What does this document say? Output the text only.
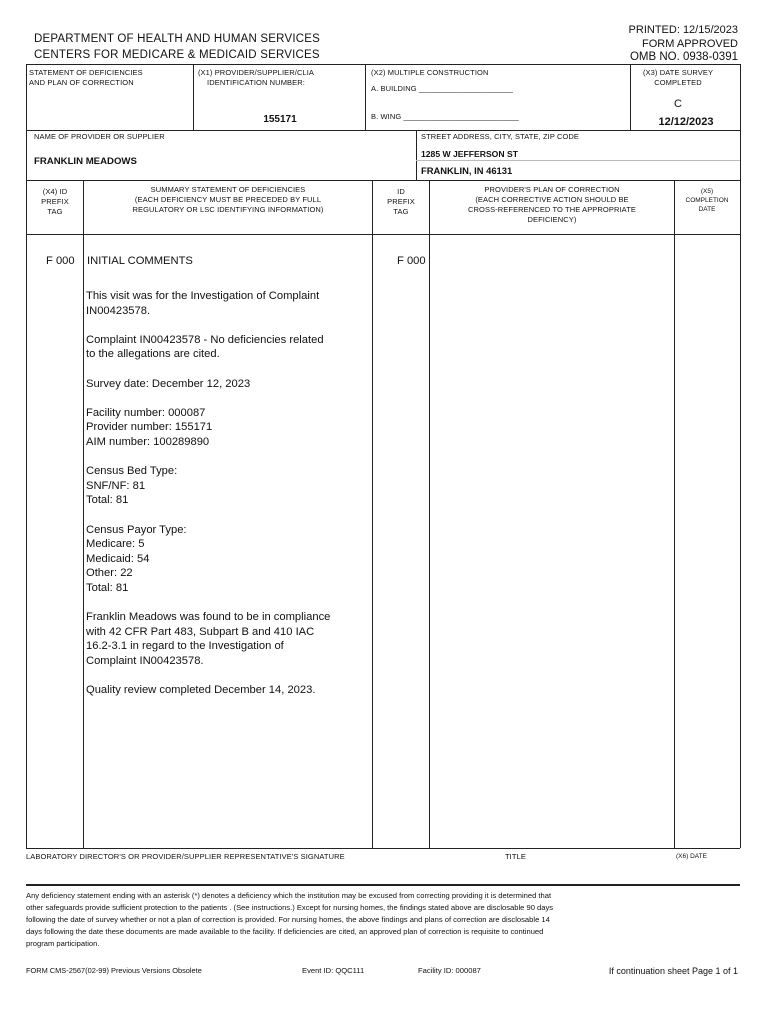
DEPARTMENT OF HEALTH AND HUMAN SERVICES
CENTERS FOR MEDICARE & MEDICAID SERVICES
PRINTED: 12/15/2023
FORM APPROVED
OMB NO. 0938-0391
STATEMENT OF DEFICIENCIES
AND PLAN OF CORRECTION
(X1) PROVIDER/SUPPLIER/CLIA
IDENTIFICATION NUMBER:
155171
(X2) MULTIPLE CONSTRUCTION
A. BUILDING ______________________
B. WING ___________________________
(X3) DATE SURVEY
COMPLETED
C
12/12/2023
NAME OF PROVIDER OR SUPPLIER
FRANKLIN MEADOWS
STREET ADDRESS, CITY, STATE, ZIP CODE
1285 W JEFFERSON ST
FRANKLIN, IN 46131
(X4) ID
PREFIX
TAG
SUMMARY STATEMENT OF DEFICIENCIES
(EACH DEFICIENCY MUST BE PRECEDED BY FULL
REGULATORY OR LSC IDENTIFYING INFORMATION)
ID
PREFIX
TAG
PROVIDER'S PLAN OF CORRECTION
(EACH CORRECTIVE ACTION SHOULD BE
CROSS-REFERENCED TO THE APPROPRIATE
DEFICIENCY)
(X5)
COMPLETION
DATE
F 000 INITIAL COMMENTS	F 000

This visit was for the Investigation of Complaint
IN00423578.

Complaint IN00423578 - No deficiencies related
to the allegations are cited.

Survey date: December 12, 2023

Facility number: 000087
Provider number: 155171
AIM number: 100289890

Census Bed Type:
SNF/NF: 81
Total: 81

Census Payor Type:
Medicare: 5
Medicaid: 54
Other: 22
Total: 81

Franklin Meadows was found to be in compliance
with 42 CFR Part 483, Subpart B and 410 IAC
16.2-3.1 in regard to the Investigation of
Complaint IN00423578.

Quality review completed December 14, 2023.

LABORATORY DIRECTOR'S OR PROVIDER/SUPPLIER REPRESENTATIVE'S SIGNATURE	TITLE	(X6) DATE
Any deficiency statement ending with an asterisk (*) denotes a deficiency which the institution may be excused from correcting providing it is determined that
other safeguards provide sufficient protection to the patients . (See instructions.) Except for nursing homes, the findings stated above are disclosable 90 days
following the date of survey whether or not a plan of correction is provided. For nursing homes, the above findings and plans of correction are disclosable 14
days following the date these documents are made available to the facility. If deficiencies are cited, an approved plan of correction is requisite to continued
program participation.
FORM CMS-2567(02-99) Previous Versions Obsolete	Event ID: QQC111	Facility ID: 000087	If continuation sheet Page 1 of 1
